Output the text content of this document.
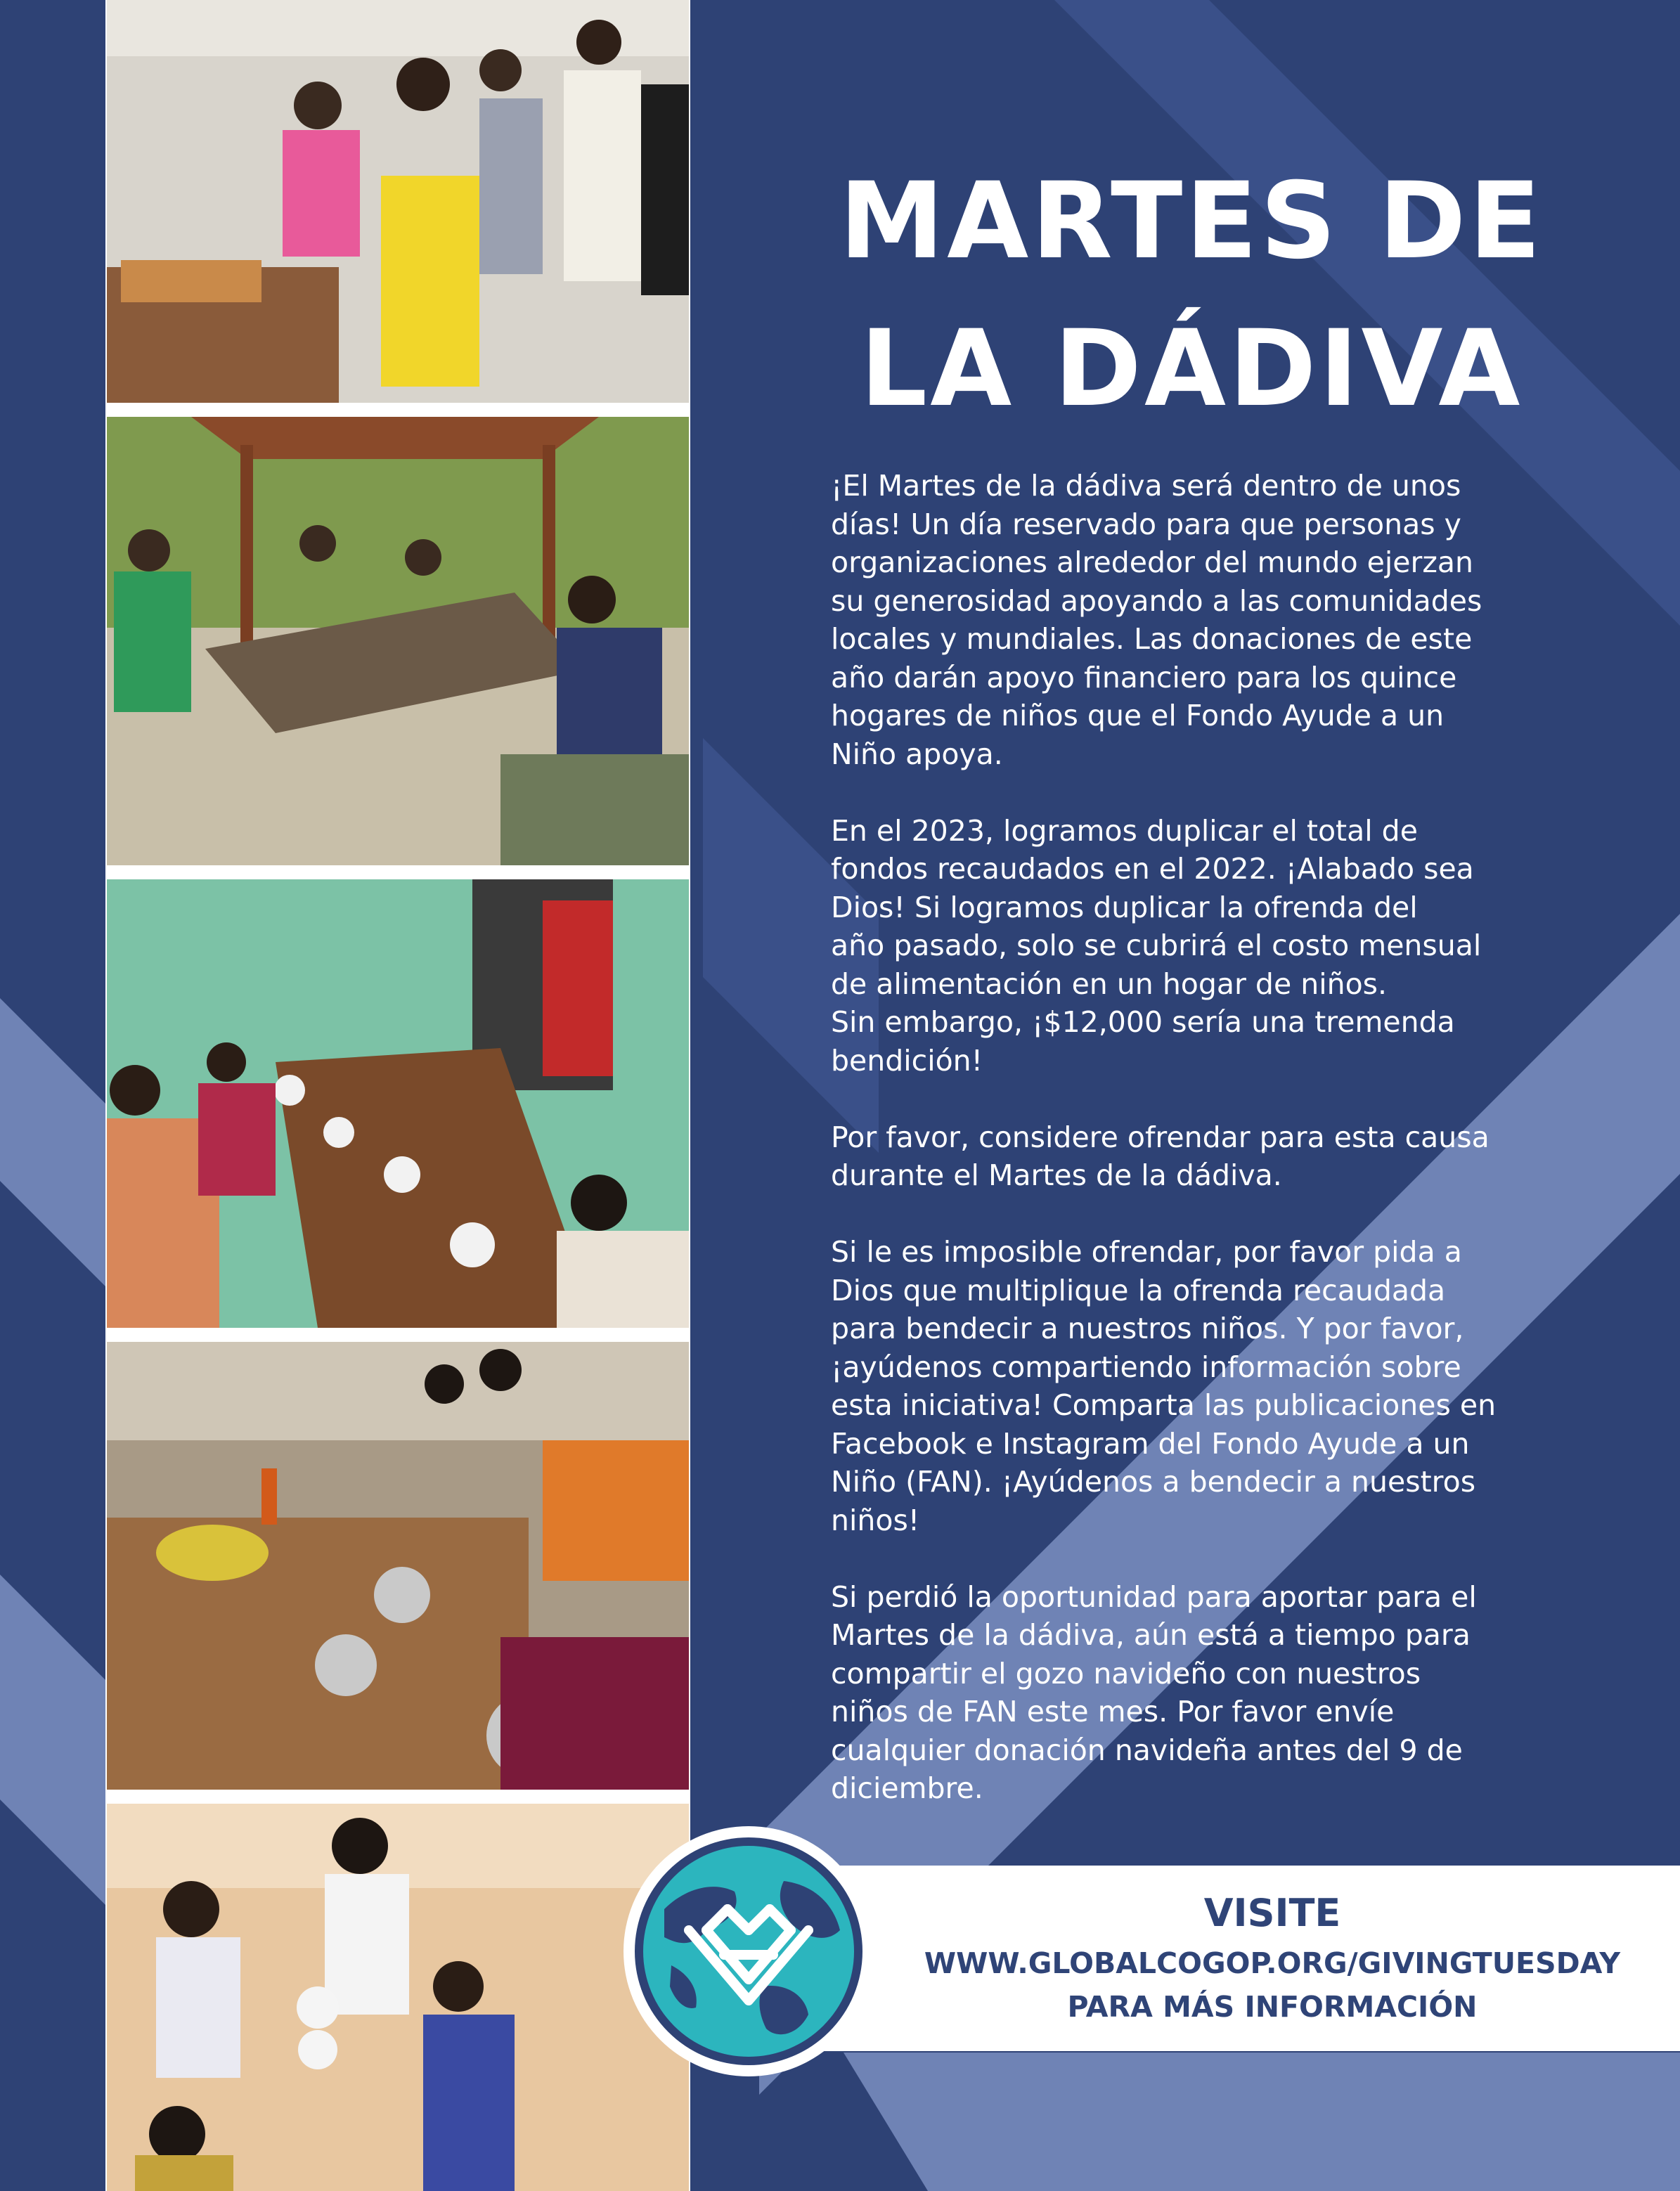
MARTES DE
LA DÁDIVA

¡El Martes de la dádiva será dentro de unos
días! Un día reservado para que personas y
organizaciones alrededor del mundo ejerzan
su generosidad apoyando a las comunidades
locales y mundiales. Las donaciones de este
año darán apoyo financiero para los quince
hogares de niños que el Fondo Ayude a un
Niño apoya.

En el 2023, logramos duplicar el total de
fondos recaudados en el 2022. ¡Alabado sea
Dios! Si logramos duplicar la ofrenda del
año pasado, solo se cubrirá el costo mensual
de alimentación en un hogar de niños.
Sin embargo, ¡$12,000 sería una tremenda
bendición!

Por favor, considere ofrendar para esta causa
durante el Martes de la dádiva.

Si le es imposible ofrendar, por favor pida a
Dios que multiplique la ofrenda recaudada
para bendecir a nuestros niños. Y por favor,
¡ayúdenos compartiendo información sobre
esta iniciativa! Comparta las publicaciones en
Facebook e Instagram del Fondo Ayude a un
Niño (FAN). ¡Ayúdenos a bendecir a nuestros
niños!

Si perdió la oportunidad para aportar para el
Martes de la dádiva, aún está a tiempo para
compartir el gozo navideño con nuestros
niños de FAN este mes. Por favor envíe
cualquier donación navideña antes del 9 de
diciembre.

VISITE
WWW.GLOBALCOGOP.ORG/GIVINGTUESDAY
PARA MÁS INFORMACIÓN
